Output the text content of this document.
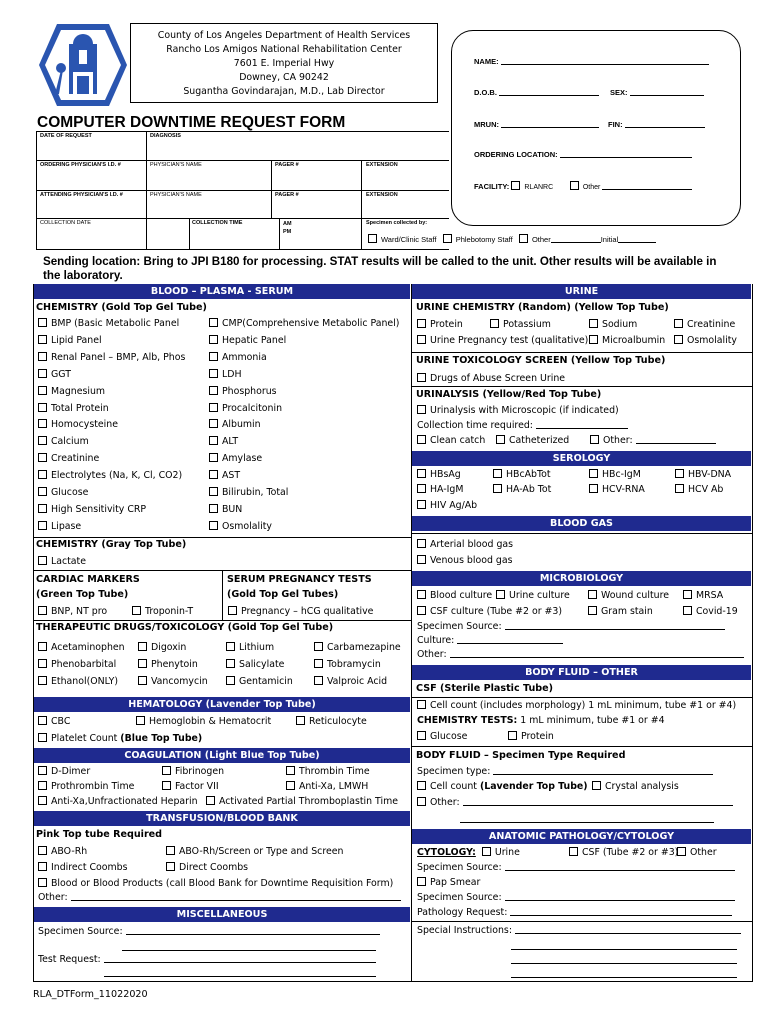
County of Los Angeles Department of Health Services
Rancho Los Amigos National Rehabilitation Center
7601 E. Imperial Hwy
Downey, CA 90242
Sugantha Govindarajan, M.D., Lab Director
COMPUTER DOWNTIME REQUEST FORM
NAME:
D.O.B.	SEX:
MRUN:	FIN:
ORDERING LOCATION:
FACILITY: RLANRC	Other
DATE OF REQUEST	DIAGNOSIS
ORDERING PHYSICIAN'S I.D. #	PHYSICIAN'S NAME	PAGER #	EXTENSION
ATTENDING PHYSICIAN'S I.D. #	PHYSICIAN'S NAME	PAGER #	EXTENSION
COLLECTION DATE	COLLECTION TIME	AM
PM
Specimen collected by:
Ward/Clinic Staff	Phlebotomy Staff	Other	Initial
Sending location: Bring to JPI B180 for processing. STAT results will be called to the unit. Other results will be available in the laboratory.
BLOOD – PLASMA - SERUM
CHEMISTRY (Gold Top Gel Tube)
BMP (Basic Metabolic Panel
Lipid Panel
Renal Panel – BMP, Alb, Phos
GGT
Magnesium
Total Protein
Homocysteine
Calcium
Creatinine
Electrolytes (Na, K, Cl, CO2)
Glucose
High Sensitivity CRP
Lipase
CMP(Comprehensive Metabolic Panel)
Hepatic Panel
Ammonia
LDH
Phosphorus
Procalcitonin
Albumin
ALT
Amylase
AST
Bilirubin, Total
BUN
Osmolality
CHEMISTRY (Gray Top Tube)
Lactate
CARDIAC MARKERS
(Green Top Tube)
SERUM PREGNANCY TESTS
(Gold Top Gel Tubes)
BNP, NT pro	Troponin-T	Pregnancy – hCG qualitative
THERAPEUTIC DRUGS/TOXICOLOGY (Gold Top Gel Tube)
Acetaminophen	Digoxin	Lithium	Carbamezapine
Phenobarbital	Phenytoin	Salicylate	Tobramycin
Ethanol(ONLY)	Vancomycin	Gentamicin	Valproic Acid
HEMATOLOGY (Lavender Top Tube)
CBC	Hemoglobin & Hematocrit	Reticulocyte
Platelet Count (Blue Top Tube)
COAGULATION (Light Blue Top Tube)
D-Dimer	Fibrinogen	Thrombin Time
Prothrombin Time	Factor VII	Anti-Xa, LMWH
Anti-Xa,Unfractionated Heparin	Activated Partial Thromboplastin Time
TRANSFUSION/BLOOD BANK
Pink Top tube Required
ABO-Rh	ABO-Rh/Screen or Type and Screen
Indirect Coombs	Direct Coombs
Blood or Blood Products (call Blood Bank for Downtime Requisition Form)
Other:
MISCELLANEOUS
Specimen Source:
Test Request:
URINE
URINE CHEMISTRY (Random) (Yellow Top Tube)
Protein	Potassium	Sodium	Creatinine
Urine Pregnancy test (qualitative)	Microalbumin	Osmolality
URINE TOXICOLOGY SCREEN (Yellow Top Tube)
Drugs of Abuse Screen Urine
URINALYSIS (Yellow/Red Top Tube)
Urinalysis with Microscopic (if indicated)
Collection time required:
Clean catch	Catheterized	Other:
SEROLOGY
HBsAg	HBcAbTot	HBc-IgM	HBV-DNA
HA-IgM	HA-Ab Tot	HCV-RNA	HCV Ab
HIV Ag/Ab
BLOOD GAS
Arterial blood gas
Venous blood gas
MICROBIOLOGY
Blood culture	Urine culture	Wound culture	MRSA
CSF culture (Tube #2 or #3)	Gram stain	Covid-19
Specimen Source:
Culture:
Other:
BODY FLUID – OTHER
CSF (Sterile Plastic Tube)
Cell count (includes morphology) 1 mL minimum, tube #1 or #4)
CHEMISTRY TESTS: 1 mL minimum, tube #1 or #4
Glucose	Protein
BODY FLUID – Specimen Type Required
Specimen type:
Cell count (Lavender Top Tube)	Crystal analysis
Other:
ANATOMIC PATHOLOGY/CYTOLOGY
CYTOLOGY: Urine	CSF (Tube #2 or #3)	Other
Specimen Source:
Pap Smear
Specimen Source:
Pathology Request:
Special Instructions:
RLA_DTForm_11022020
